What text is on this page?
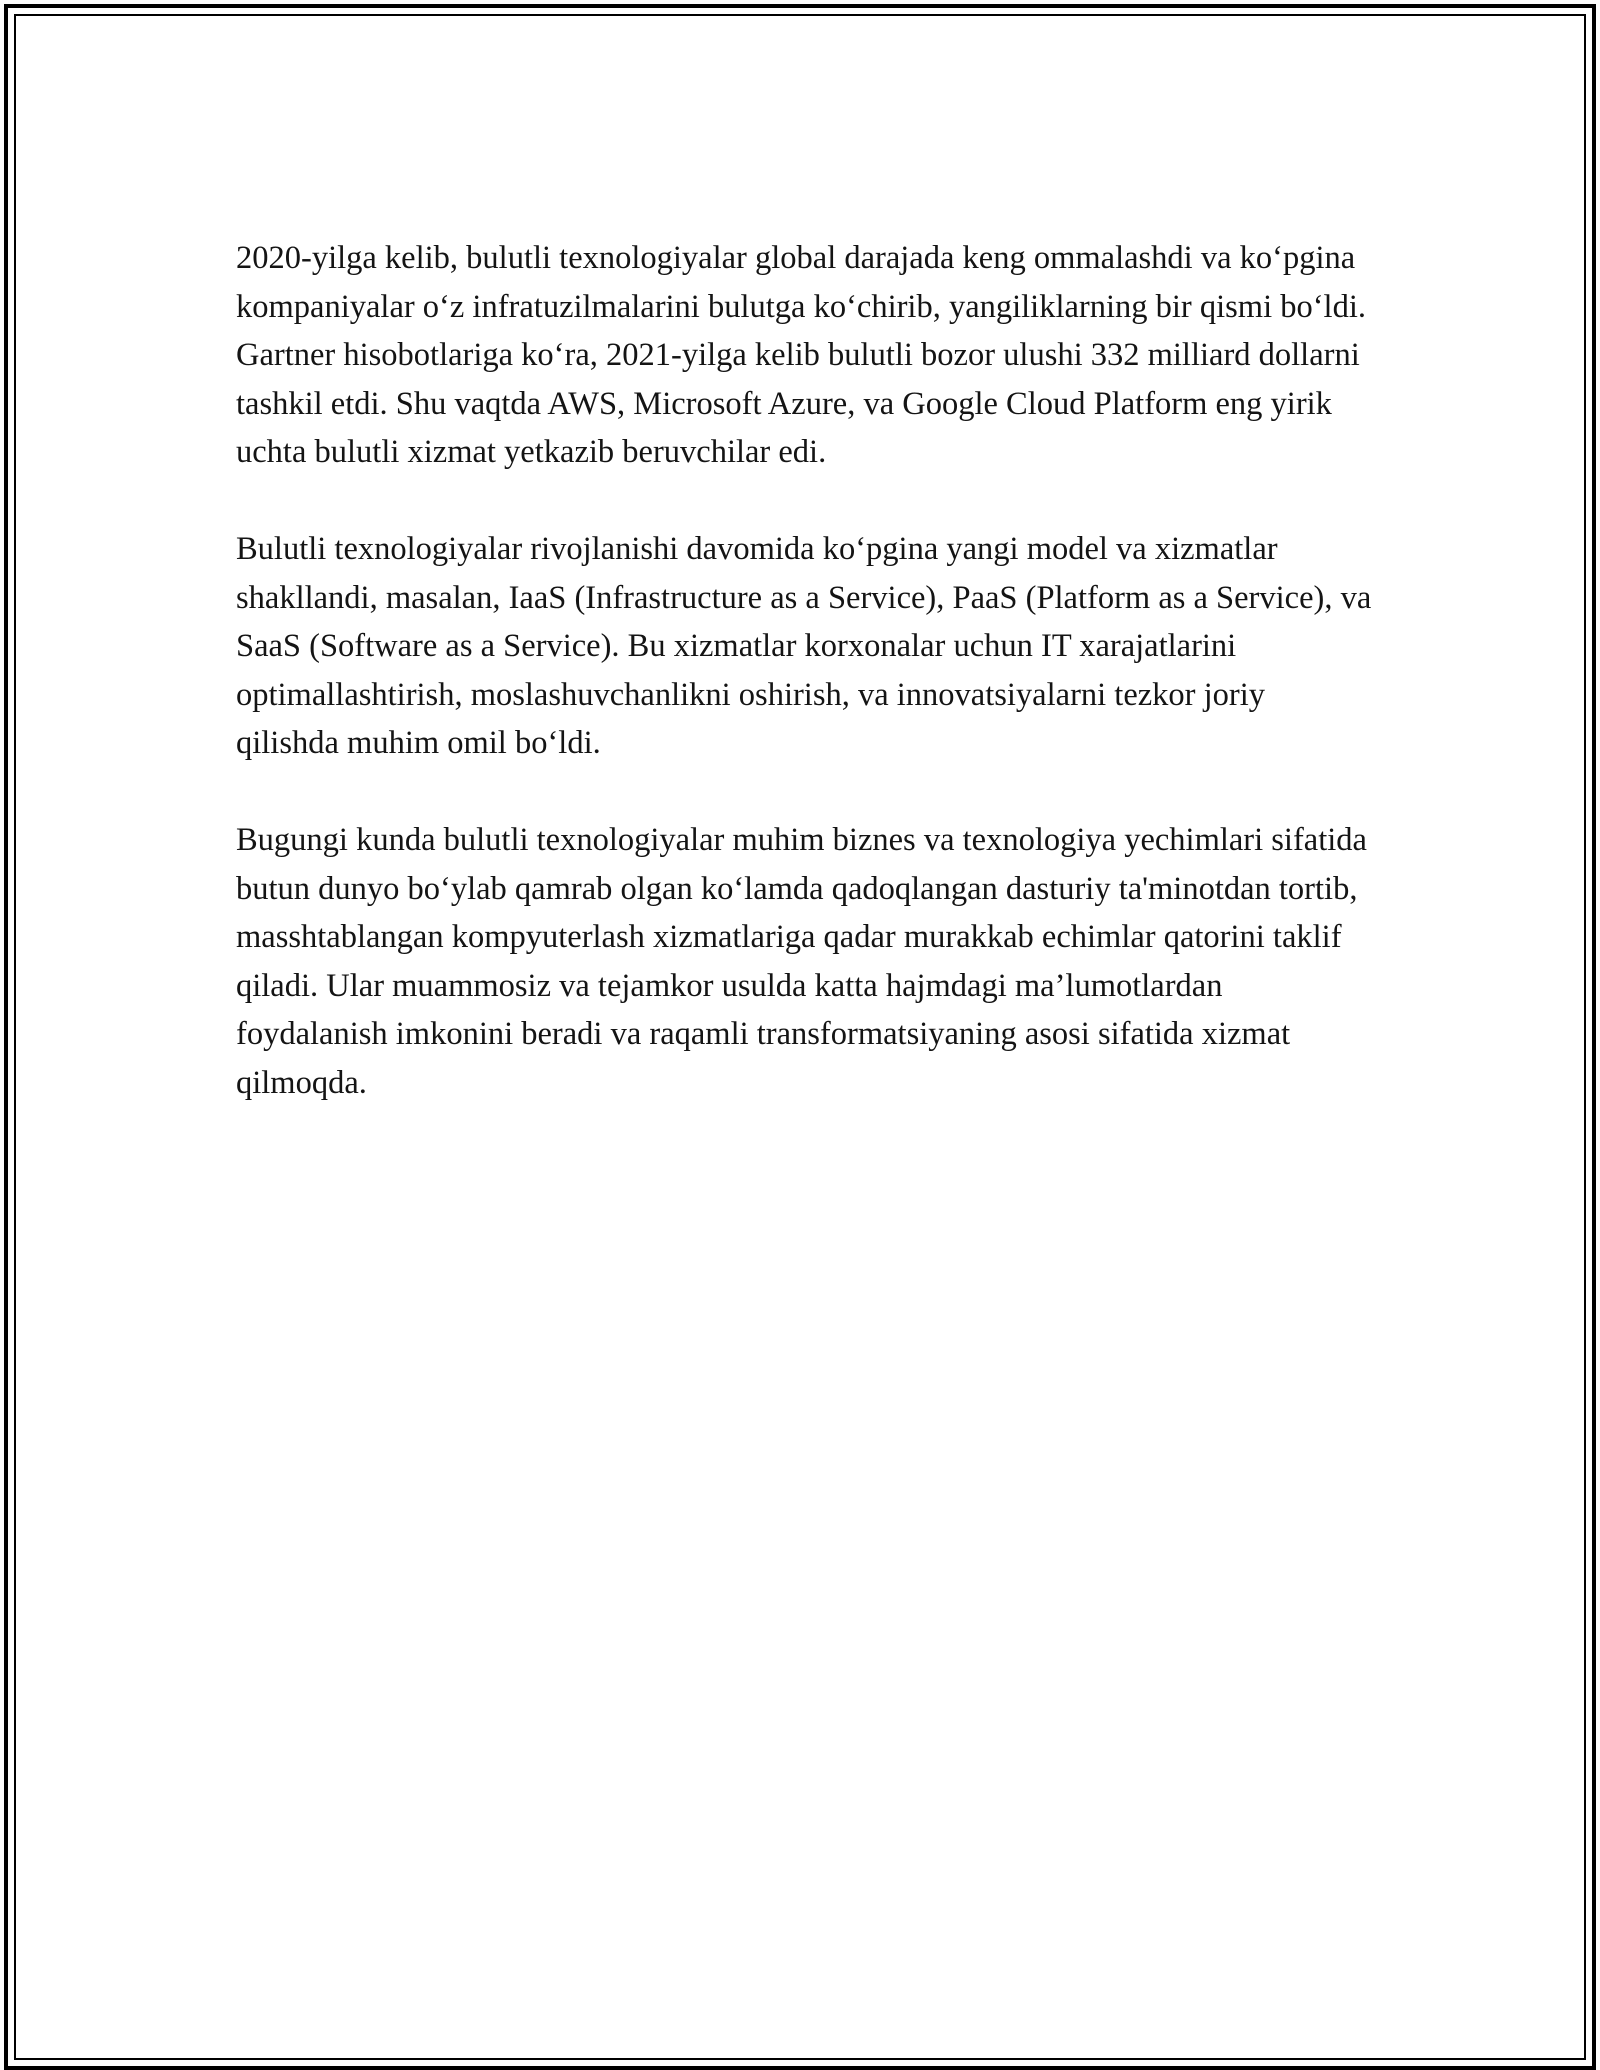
2020-yilga kelib, bulutli texnologiyalar global darajada keng ommalashdi va ko‘pgina kompaniyalar o‘z infratuzilmalarini bulutga ko‘chirib, yangiliklarning bir qismi bo‘ldi. Gartner hisobotlariga ko‘ra, 2021-yilga kelib bulutli bozor ulushi 332 milliard dollarni tashkil etdi. Shu vaqtda AWS, Microsoft Azure, va Google Cloud Platform eng yirik uchta bulutli xizmat yetkazib beruvchilar edi.

Bulutli texnologiyalar rivojlanishi davomida ko‘pgina yangi model va xizmatlar shakllandi, masalan, IaaS (Infrastructure as a Service), PaaS (Platform as a Service), va SaaS (Software as a Service). Bu xizmatlar korxonalar uchun IT xarajatlarini optimallashtirish, moslashuvchanlikni oshirish, va innovatsiyalarni tezkor joriy qilishda muhim omil bo‘ldi.

Bugungi kunda bulutli texnologiyalar muhim biznes va texnologiya yechimlari sifatida butun dunyo bo‘ylab qamrab olgan ko‘lamda qadoqlangan dasturiy ta'minotdan tortib, masshtablangan kompyuterlash xizmatlariga qadar murakkab echimlar qatorini taklif qiladi. Ular muammosiz va tejamkor usulda katta hajmdagi ma’lumotlardan foydalanish imkonini beradi va raqamli transformatsiyaning asosi sifatida xizmat qilmoqda.
